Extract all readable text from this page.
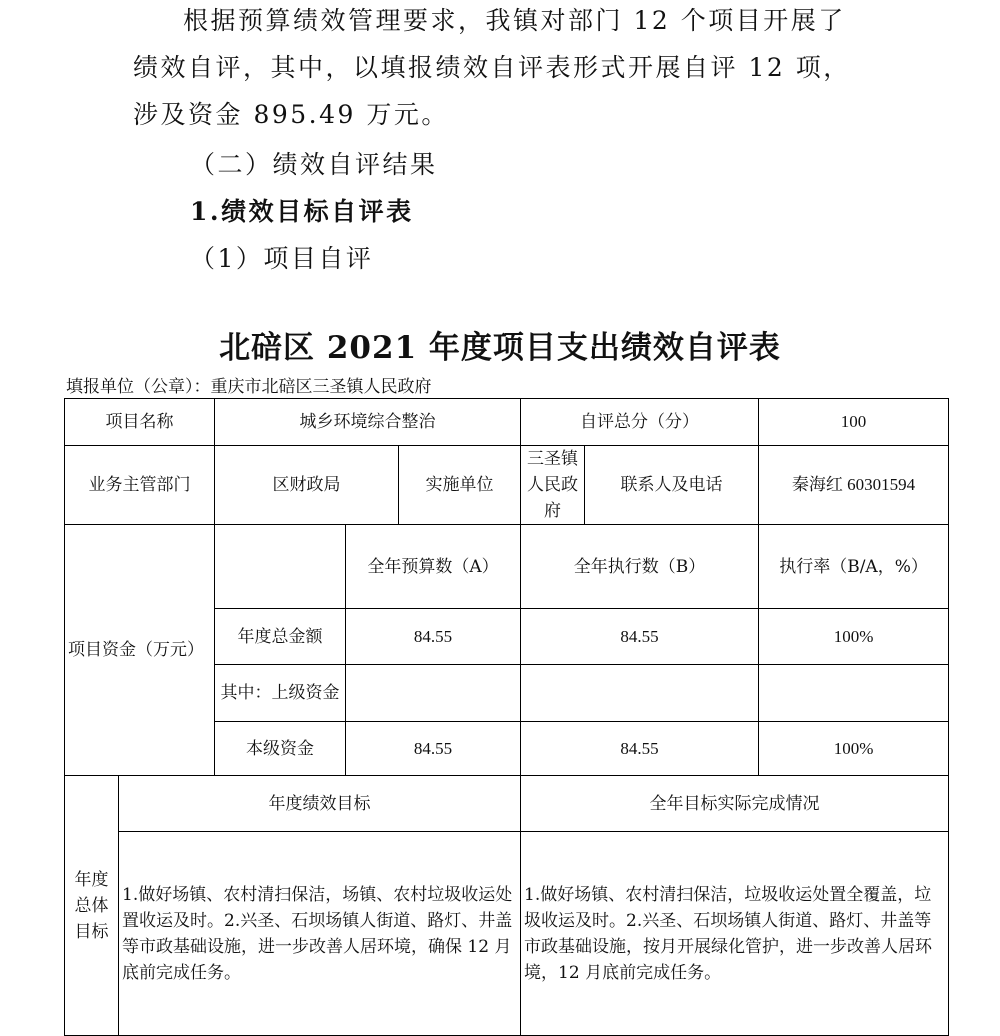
根据预算绩效管理要求，我镇对部门 12 个项目开展了绩效自评，其中，以填报绩效自评表形式开展自评 12 项，涉及资金 895.49 万元。
（二）绩效自评结果
1.绩效目标自评表
（1）项目自评
北碚区 2021 年度项目支出绩效自评表
填报单位（公章）：重庆市北碚区三圣镇人民政府
项目名称		城乡环境综合整治			自评总分（分）		100
业务主管部门		区财政局		实施单位	三圣镇人民政府	联系人及电话	秦海红 60301594
项目资金（万元）			全年预算数（A）		全年执行数（B）		执行率（B/A，%）
		年度总金额	84.55		84.55		100%
		其中：上级资金					
		本级资金	84.55		84.55		100%
年度总体目标	年度绩效目标				全年目标实际完成情况		
	1.做好场镇、农村清扫保洁，场镇、农村垃圾收运处置收运及时。2.兴圣、石坝场镇人街道、路灯、井盖等市政基础设施，进一步改善人居环境，确保 12 月底前完成任务。				1.做好场镇、农村清扫保洁，垃圾收运处置全覆盖，垃圾收运及时。2.兴圣、石坝场镇人街道、路灯、井盖等市政基础设施，按月开展绿化管护，进一步改善人居环境，12 月底前完成任务。		
